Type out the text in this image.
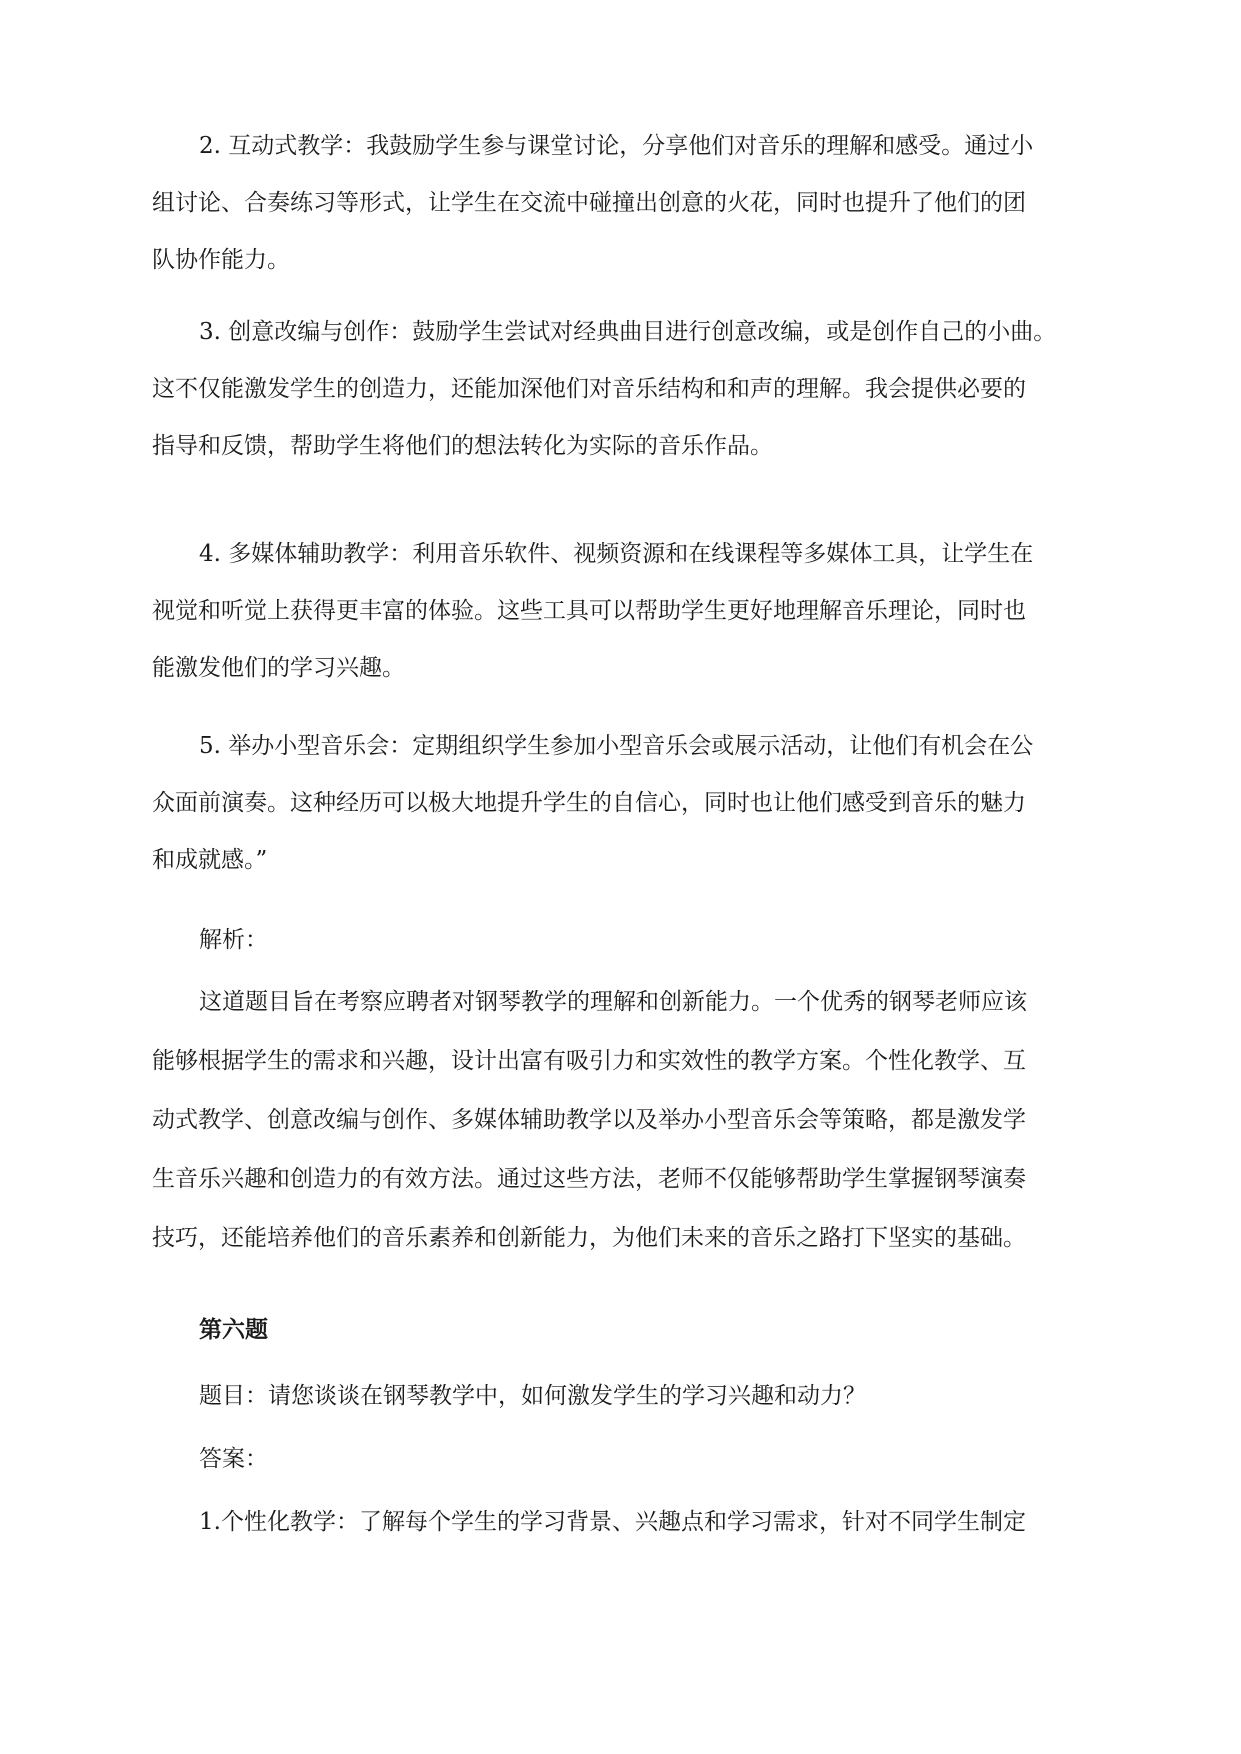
2. 互动式教学：我鼓励学生参与课堂讨论，分享他们对音乐的理解和感受。通过小
组讨论、合奏练习等形式，让学生在交流中碰撞出创意的火花，同时也提升了他们的团
队协作能力。
3. 创意改编与创作：鼓励学生尝试对经典曲目进行创意改编，或是创作自己的小曲。
这不仅能激发学生的创造力，还能加深他们对音乐结构和和声的理解。我会提供必要的
指导和反馈，帮助学生将他们的想法转化为实际的音乐作品。
4. 多媒体辅助教学：利用音乐软件、视频资源和在线课程等多媒体工具，让学生在
视觉和听觉上获得更丰富的体验。这些工具可以帮助学生更好地理解音乐理论，同时也
能激发他们的学习兴趣。
5. 举办小型音乐会：定期组织学生参加小型音乐会或展示活动，让他们有机会在公
众面前演奏。这种经历可以极大地提升学生的自信心，同时也让他们感受到音乐的魅力
和成就感。”
解析：
这道题目旨在考察应聘者对钢琴教学的理解和创新能力。一个优秀的钢琴老师应该
能够根据学生的需求和兴趣，设计出富有吸引力和实效性的教学方案。个性化教学、互
动式教学、创意改编与创作、多媒体辅助教学以及举办小型音乐会等策略，都是激发学
生音乐兴趣和创造力的有效方法。通过这些方法，老师不仅能够帮助学生掌握钢琴演奏
技巧，还能培养他们的音乐素养和创新能力，为他们未来的音乐之路打下坚实的基础。
第六题
题目：请您谈谈在钢琴教学中，如何激发学生的学习兴趣和动力？
答案：
1.个性化教学：了解每个学生的学习背景、兴趣点和学习需求，针对不同学生制定
